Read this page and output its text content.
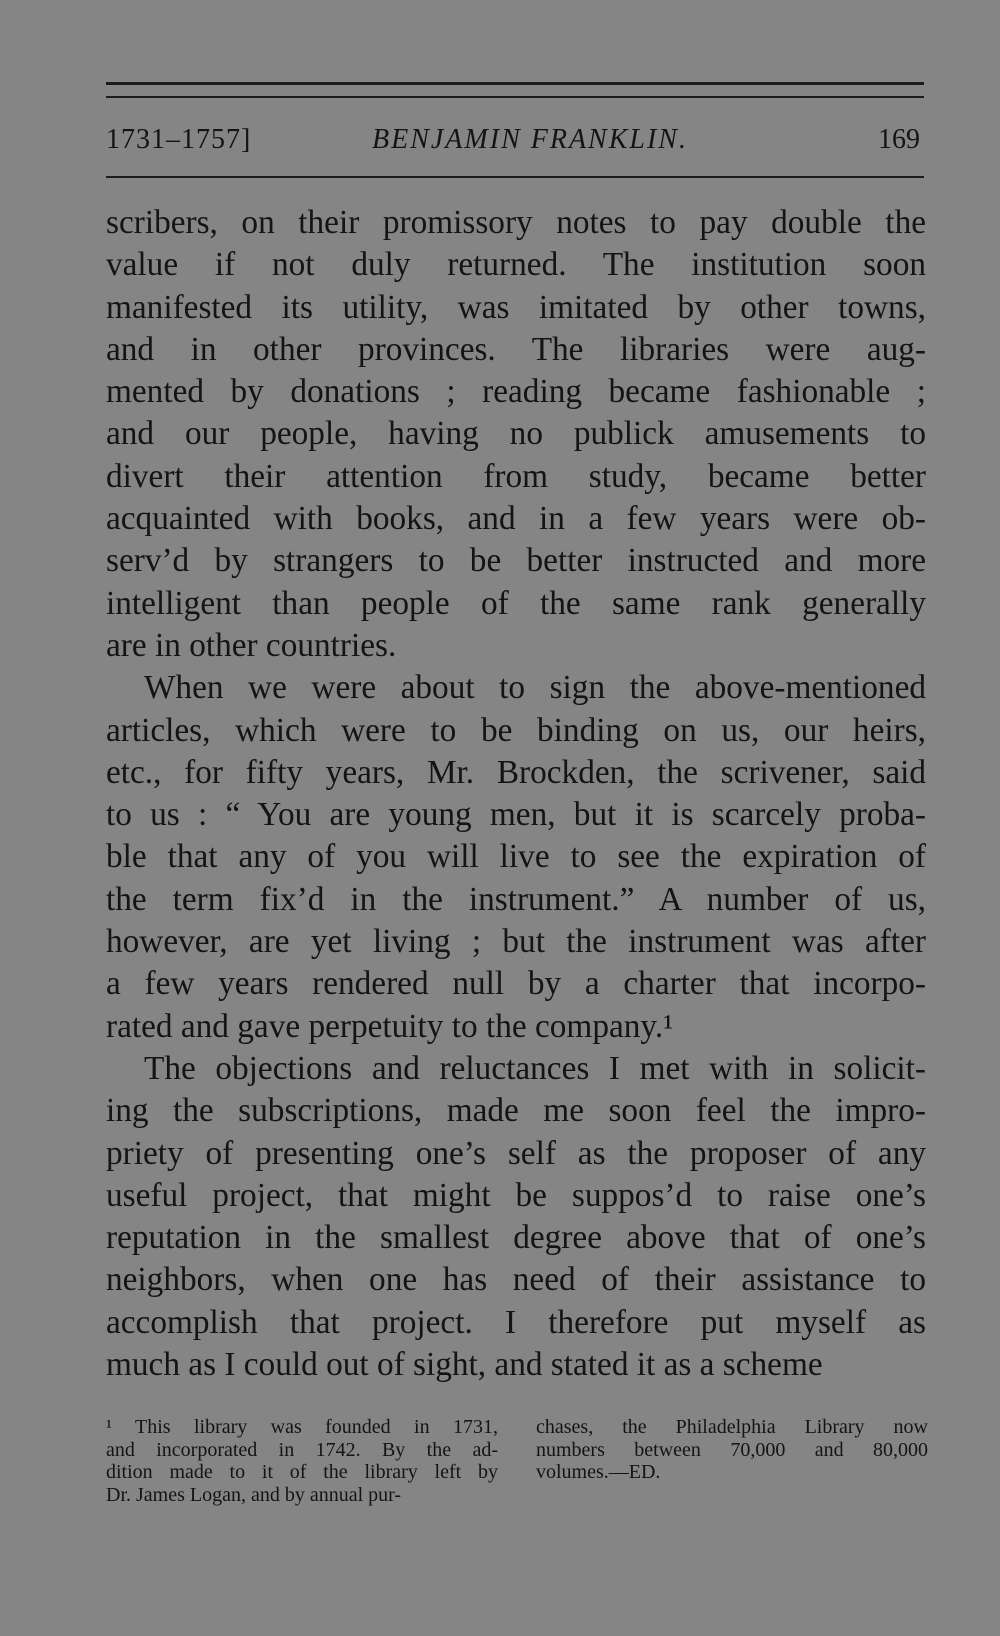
1731–1757]	BENJAMIN FRANKLIN.	169

scribers, on their promissory notes to pay double the
value if not duly returned. The institution soon
manifested its utility, was imitated by other towns,
and in other provinces. The libraries were aug-
mented by donations ; reading became fashionable ;
and our people, having no publick amusements to
divert their attention from study, became better
acquainted with books, and in a few years were ob-
serv’d by strangers to be better instructed and more
intelligent than people of the same rank generally
are in other countries.

When we were about to sign the above-mentioned
articles, which were to be binding on us, our heirs,
etc., for fifty years, Mr. Brockden, the scrivener, said
to us : “ You are young men, but it is scarcely proba-
ble that any of you will live to see the expiration of
the term fix’d in the instrument.” A number of us,
however, are yet living ; but the instrument was after
a few years rendered null by a charter that incorpo-
rated and gave perpetuity to the company.¹

The objections and reluctances I met with in solicit-
ing the subscriptions, made me soon feel the impro-
priety of presenting one’s self as the proposer of any
useful project, that might be suppos’d to raise one’s
reputation in the smallest degree above that of one’s
neighbors, when one has need of their assistance to
accomplish that project. I therefore put myself as
much as I could out of sight, and stated it as a scheme

¹ This library was founded in 1731,
and incorporated in 1742. By the ad-
dition made to it of the library left by
Dr. James Logan, and by annual pur-
chases, the Philadelphia Library now
numbers between 70,000 and 80,000
volumes.—ED.
